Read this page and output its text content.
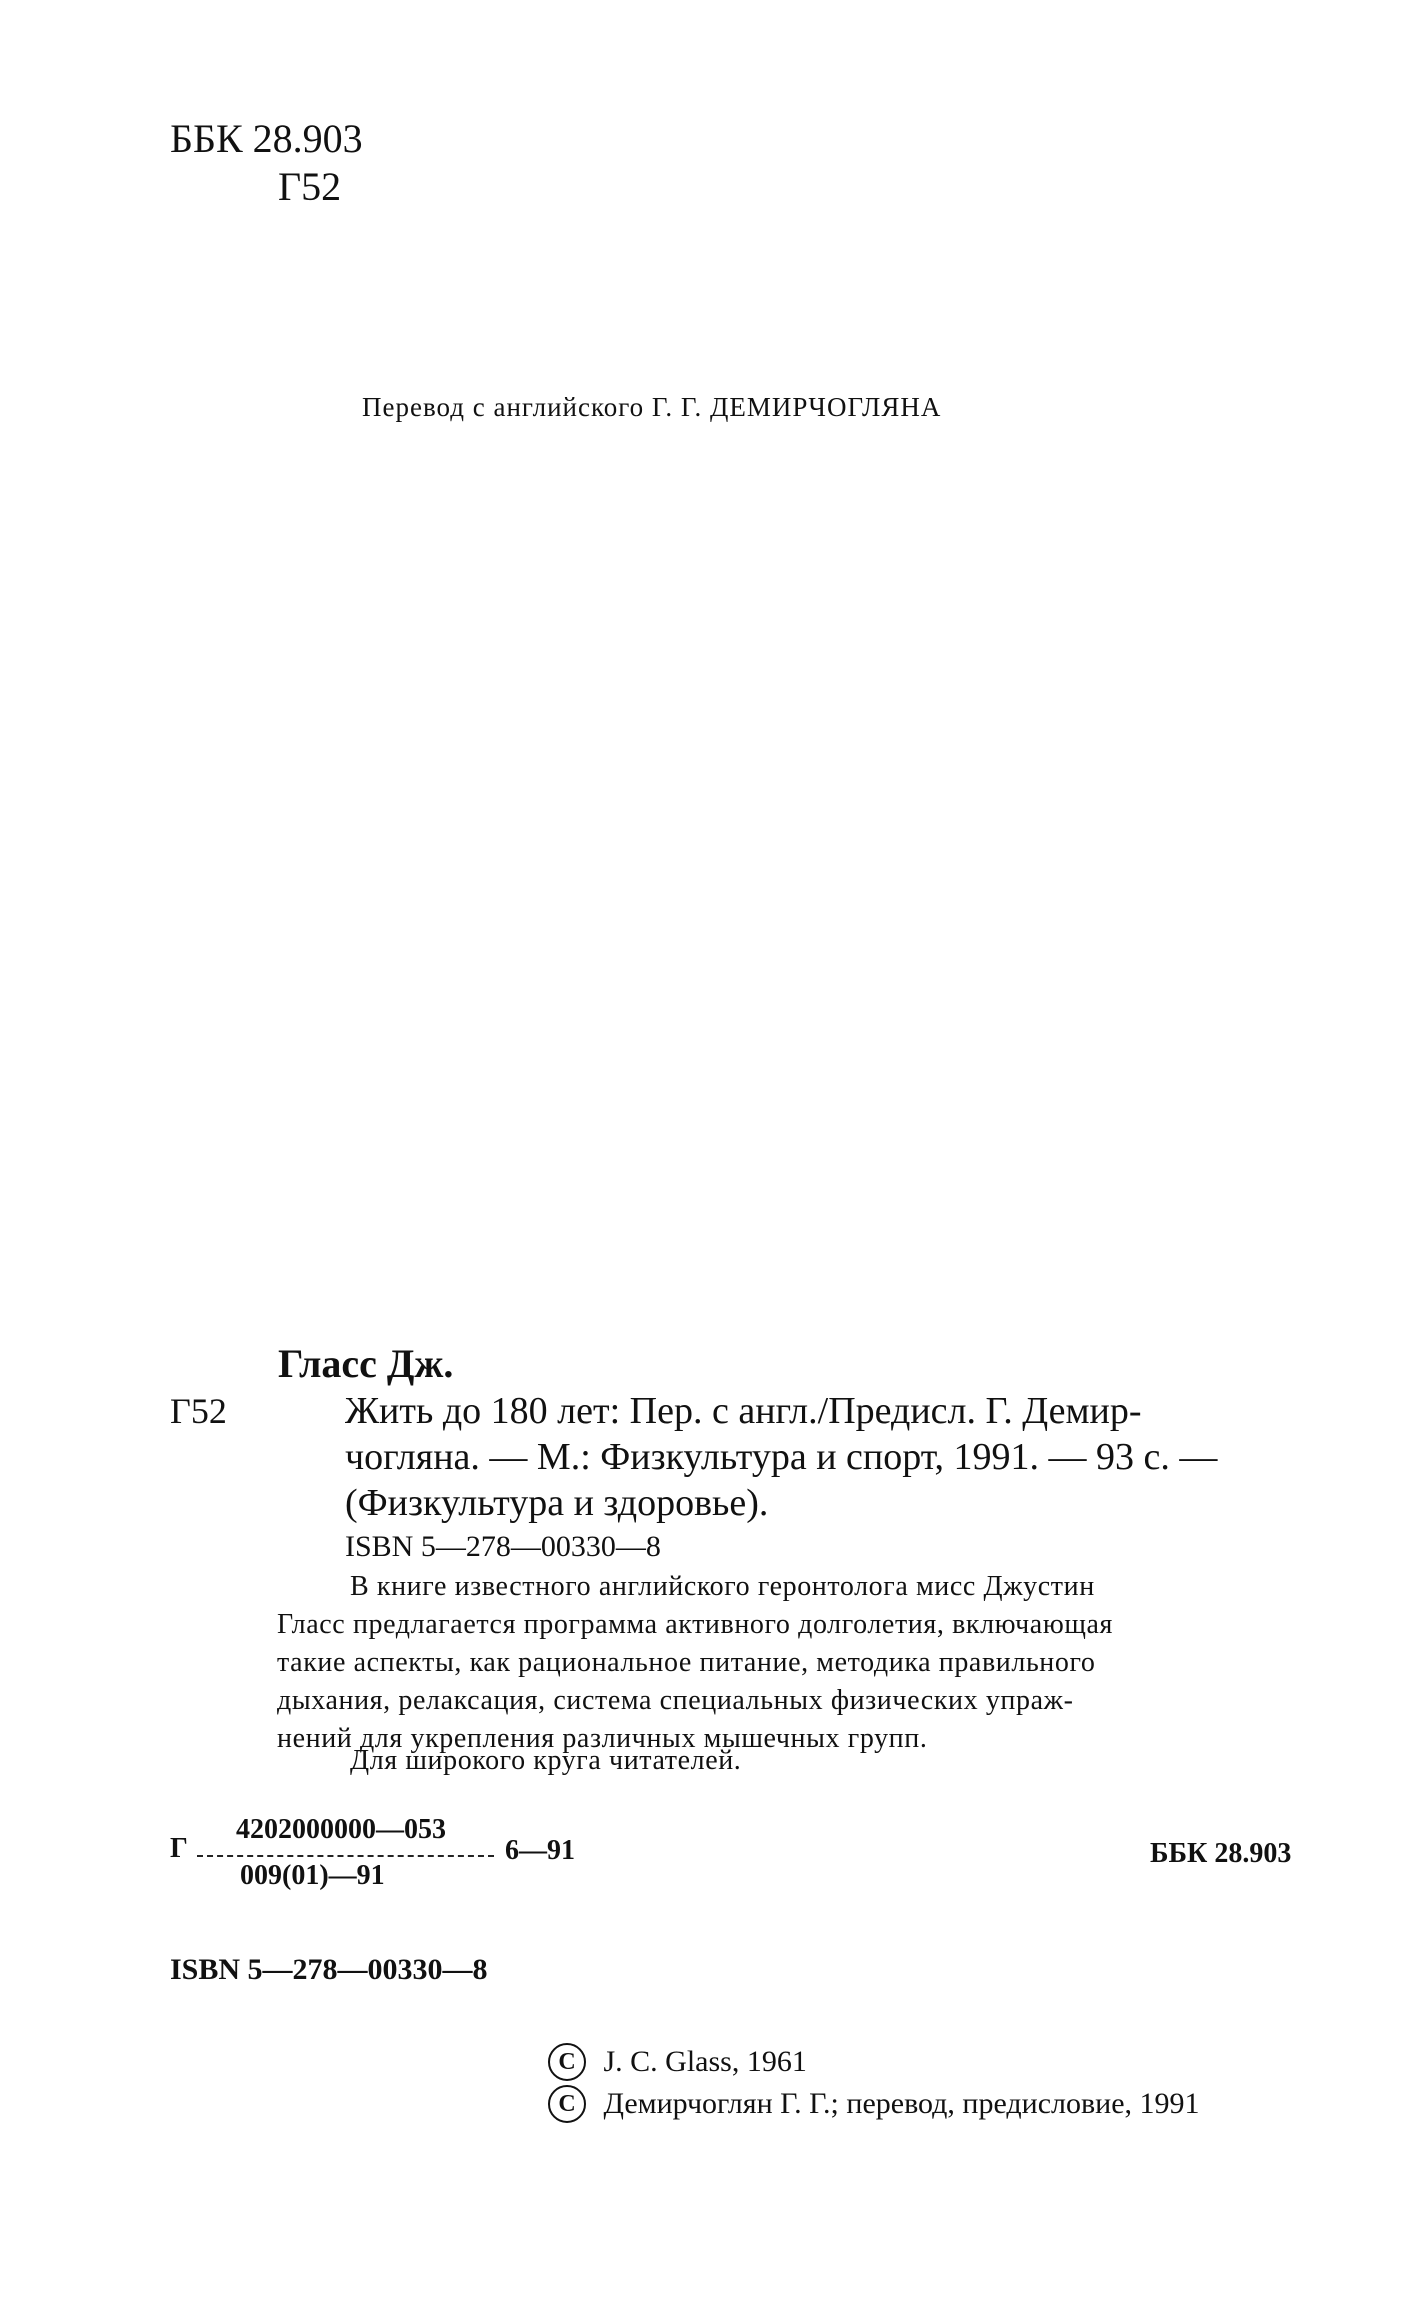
ББК 28.903
Г52
Перевод с английского Г. Г. ДЕМИРЧОГЛЯНА
Гласс Дж.
Г52	Жить до 180 лет: Пер. с англ./Предисл. Г. Демир-
чогляна. — М.: Физкультура и спорт, 1991. — 93 с. —
(Физкультура и здоровье).
ISBN 5—278—00330—8
В книге известного английского геронтолога мисс Джустин
Гласс предлагается программа активного долголетия, включающая
такие аспекты, как рациональное питание, методика правильного
дыхания, релаксация, система специальных физических упраж-
нений для укрепления различных мышечных групп.
Для широкого круга читателей.
Г
4202000000—053
009(01)—91
6—91	ББК 28.903
ISBN 5—278—00330—8
C J. C. Glass, 1961
C Демирчоглян Г. Г.; перевод, предисловие, 1991
